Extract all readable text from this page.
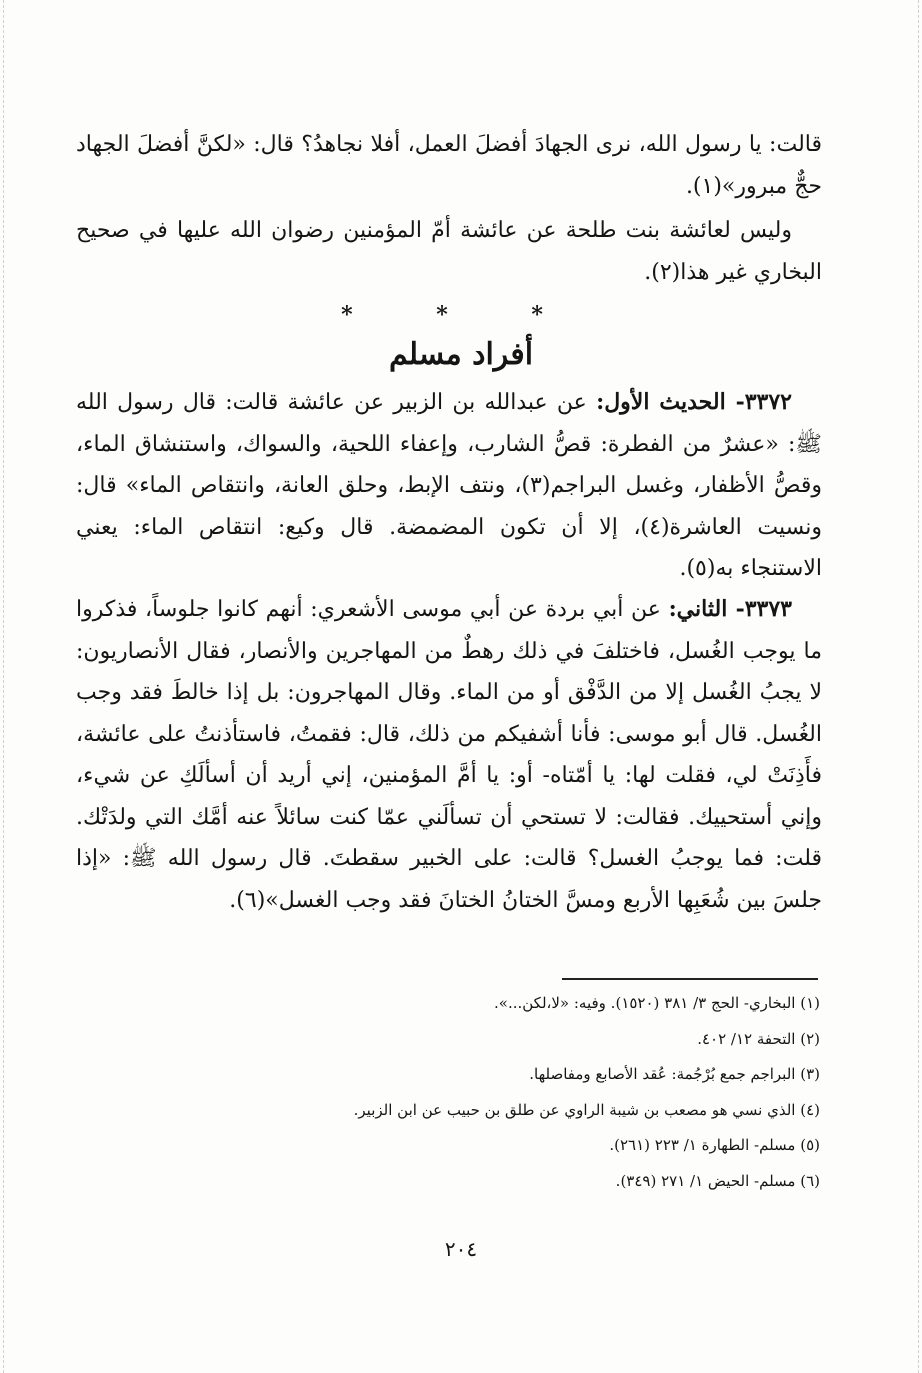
قالت: يا رسول الله، نرى الجهادَ أفضلَ العمل، أفلا نجاهدُ؟ قال: «لكنَّ أفضلَ الجهاد حجٌّ مبرور»(١).

وليس لعائشة بنت طلحة عن عائشة أمّ المؤمنين رضوان الله عليها في صحيح البخاري غير هذا(٢).

* * *
أفراد مسلم

٣٣٧٢- الحديث الأول: عن عبدالله بن الزبير عن عائشة قالت: قال رسول الله ﷺ: «عشرٌ من الفطرة: قصُّ الشارب، وإعفاء اللحية، والسواك، واستنشاق الماء، وقصُّ الأظفار، وغسل البراجم(٣)، ونتف الإبط، وحلق العانة، وانتقاص الماء» قال: ونسيت العاشرة(٤)، إلا أن تكون المضمضة. قال وكيع: انتقاص الماء: يعني الاستنجاء به(٥).

٣٣٧٣- الثاني: عن أبي بردة عن أبي موسى الأشعري: أنهم كانوا جلوساً، فذكروا ما يوجب الغُسل، فاختلفَ في ذلك رهطٌ من المهاجرين والأنصار، فقال الأنصاريون: لا يجبُ الغُسل إلا من الدَّفْق أو من الماء. وقال المهاجرون: بل إذا خالطَ فقد وجب الغُسل. قال أبو موسى: فأنا أشفيكم من ذلك، قال: فقمتُ، فاستأذنتُ على عائشة، فأَذِنَتْ لي، فقلت لها: يا أمّتاه- أو: يا أمَّ المؤمنين، إني أريد أن أسألَكِ عن شيء، وإني أستحييك. فقالت: لا تستحي أن تسألَني عمّا كنت سائلاً عنه أمَّك التي ولدَتْك. قلت: فما يوجبُ الغسل؟ قالت: على الخبير سقطتَ. قال رسول الله ﷺ: «إذا جلسَ بين شُعَبِها الأربع ومسَّ الختانُ الختانَ فقد وجب الغسل»(٦).

(١) البخاري- الحج ٣/ ٣٨١ (١٥٢٠). وفيه: «لا،لكن...».

(٢) التحفة ١٢/ ٤٠٢.

(٣) البراجم جمع بُرْجُمة: عُقد الأصابع ومفاصلها.

(٤) الذي نسي هو مصعب بن شيبة الراوي عن طلق بن حبيب عن ابن الزبير.

(٥) مسلم- الطهارة ١/ ٢٢٣ (٢٦١).

(٦) مسلم- الحيض ١/ ٢٧١ (٣٤٩).

٢٠٤
